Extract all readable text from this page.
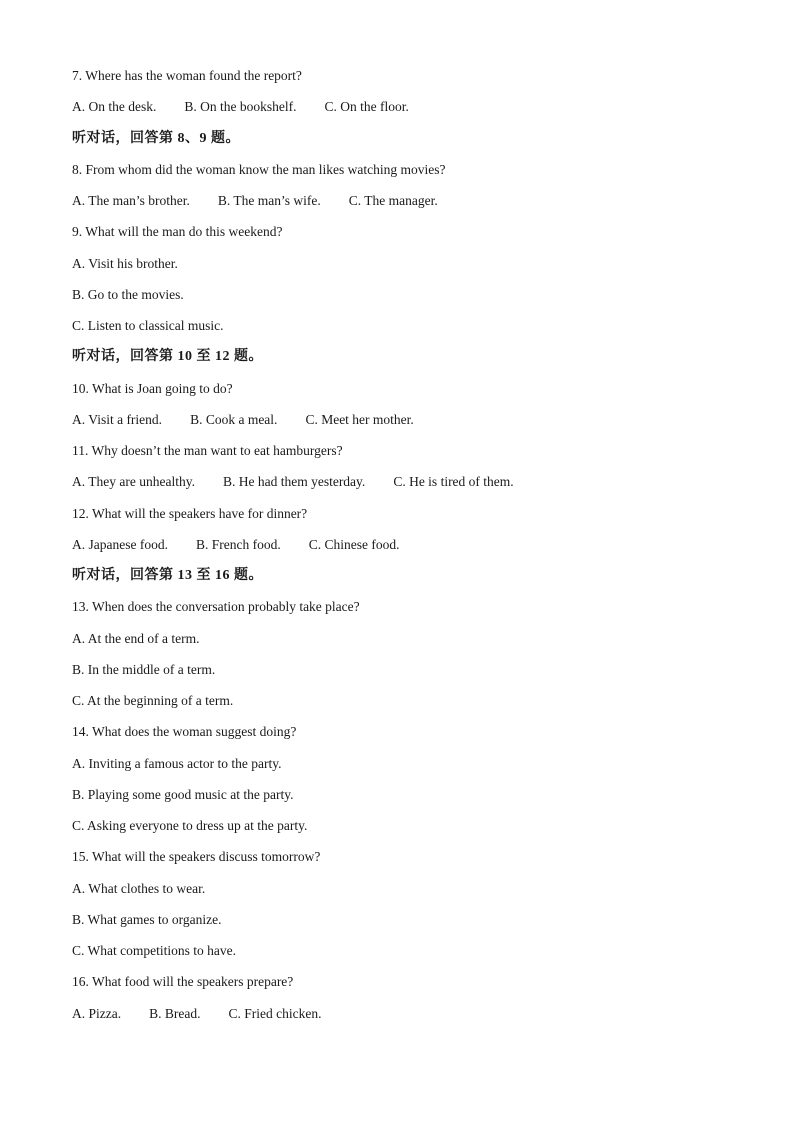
7. Where has the woman found the report?
A. On the desk. B. On the bookshelf. C. On the floor.
听对话，回答第 8、9 题。
8. From whom did the woman know the man likes watching movies?
A. The man’s brother. B. The man’s wife. C. The manager.
9. What will the man do this weekend?
A. Visit his brother.
B. Go to the movies.
C. Listen to classical music.
听对话，回答第 10 至 12 题。
10. What is Joan going to do?
A. Visit a friend. B. Cook a meal. C. Meet her mother.
11. Why doesn’t the man want to eat hamburgers?
A. They are unhealthy. B. He had them yesterday. C. He is tired of them.
12. What will the speakers have for dinner?
A. Japanese food. B. French food. C. Chinese food.
听对话，回答第 13 至 16 题。
13. When does the conversation probably take place?
A. At the end of a term.
B. In the middle of a term.
C. At the beginning of a term.
14. What does the woman suggest doing?
A. Inviting a famous actor to the party.
B. Playing some good music at the party.
C. Asking everyone to dress up at the party.
15. What will the speakers discuss tomorrow?
A. What clothes to wear.
B. What games to organize.
C. What competitions to have.
16. What food will the speakers prepare?
A. Pizza. B. Bread. C. Fried chicken.
